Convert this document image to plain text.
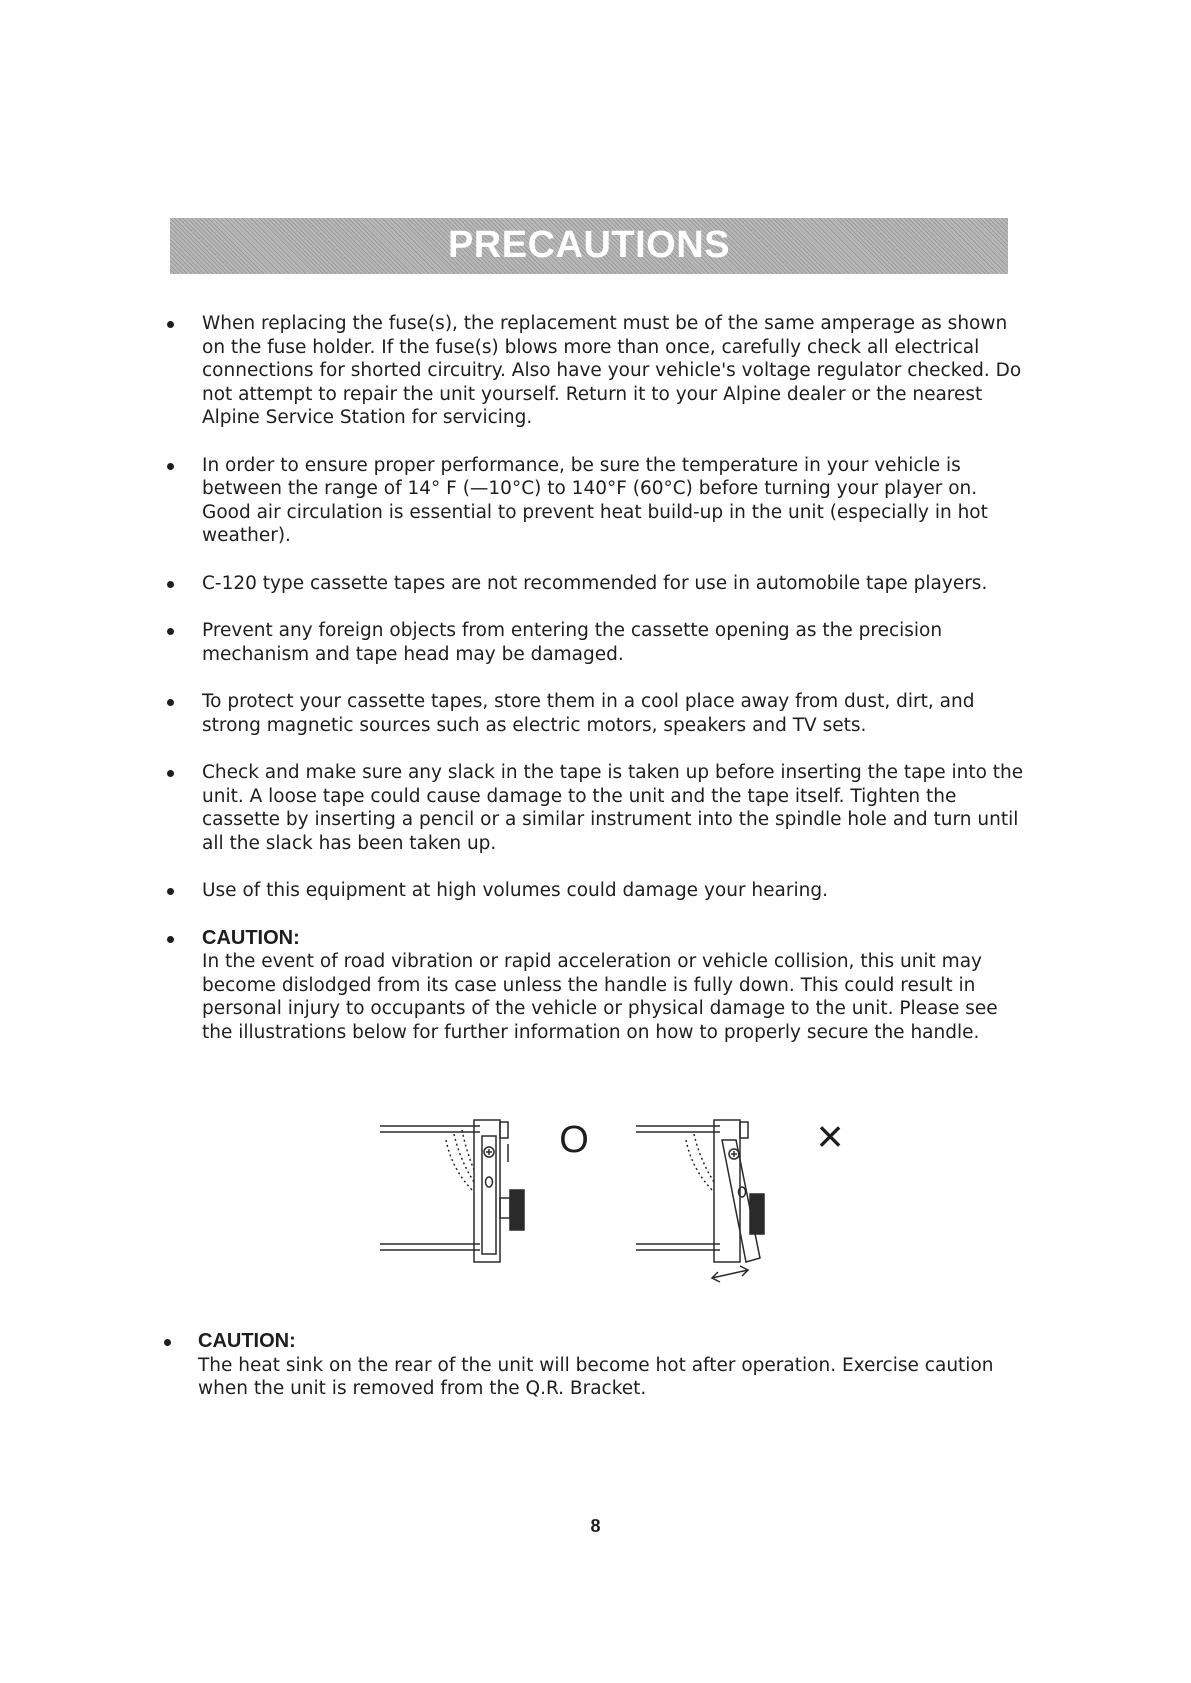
PRECAUTIONS
When replacing the fuse(s), the replacement must be of the same amperage as shown on the fuse holder. If the fuse(s) blows more than once, carefully check all electrical connections for shorted circuitry. Also have your vehicle's voltage regulator checked. Do not attempt to repair the unit yourself. Return it to your Alpine dealer or the nearest Alpine Service Station for servicing.
In order to ensure proper performance, be sure the temperature in your vehicle is between the range of 14° F (—10°C) to 140°F (60°C) before turning your player on. Good air circulation is essential to prevent heat build-up in the unit (especially in hot weather).
C-120 type cassette tapes are not recommended for use in automobile tape players.
Prevent any foreign objects from entering the cassette opening as the precision mechanism and tape head may be damaged.
To protect your cassette tapes, store them in a cool place away from dust, dirt, and strong magnetic sources such as electric motors, speakers and TV sets.
Check and make sure any slack in the tape is taken up before inserting the tape into the unit. A loose tape could cause damage to the unit and the tape itself. Tighten the cassette by inserting a pencil or a similar instrument into the spindle hole and turn until all the slack has been taken up.
Use of this equipment at high volumes could damage your hearing.
CAUTION:
In the event of road vibration or rapid acceleration or vehicle collision, this unit may become dislodged from its case unless the handle is fully down. This could result in personal injury to occupants of the vehicle or physical damage to the unit. Please see the illustrations below for further information on how to properly secure the handle.
O	×
CAUTION:
The heat sink on the rear of the unit will become hot after operation. Exercise caution when the unit is removed from the Q.R. Bracket.
8
